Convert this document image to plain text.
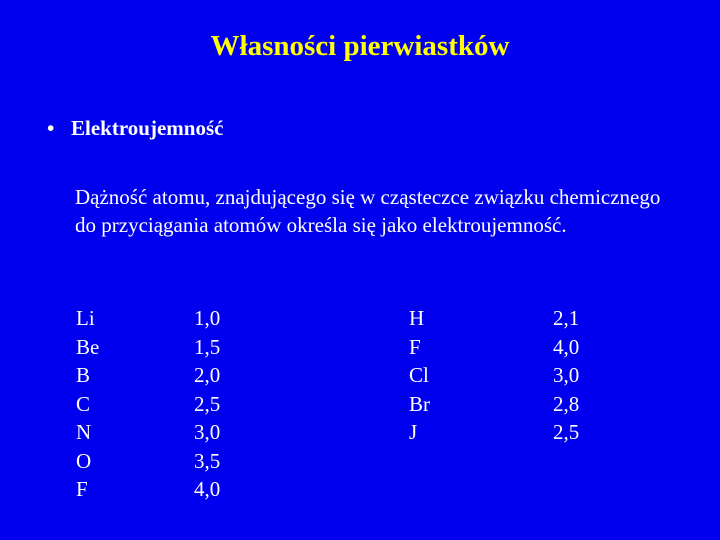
Własności pierwiastków
• Elektroujemność

Dążność atomu, znajdującego się w cząsteczce związku chemicznego do przyciągania atomów określa się jako elektroujemność.

Li
Be
B
C
N
O
F
1,0
1,5
2,0
2,5
3,0
3,5
4,0
H
F
Cl
Br
J
2,1
4,0
3,0
2,8
2,5
